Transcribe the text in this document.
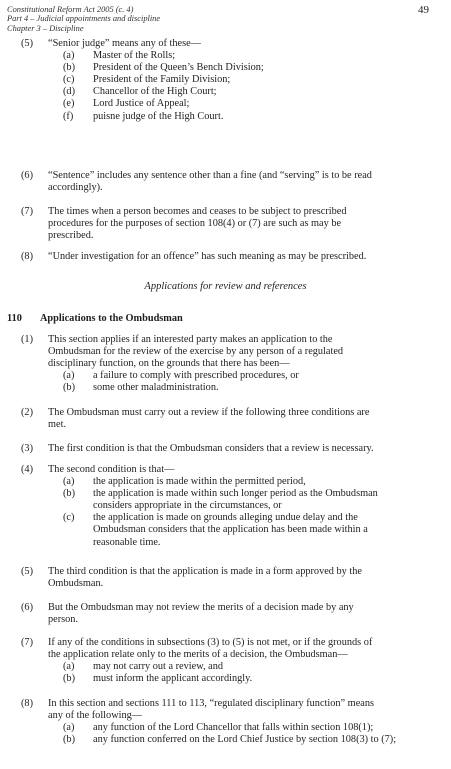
Constitutional Reform Act 2005 (c. 4)
Part 4 – Judicial appointments and discipline
Chapter 3 – Discipline
49
(5) “Senior judge” means any of these—
(a) Master of the Rolls;
(b) President of the Queen’s Bench Division;
(c) President of the Family Division;
(d) Chancellor of the High Court;
(e) Lord Justice of Appeal;
(f) puisne judge of the High Court.
(6) “Sentence” includes any sentence other than a fine (and “serving” is to be read
accordingly).
(7) The times when a person becomes and ceases to be subject to prescribed
procedures for the purposes of section 108(4) or (7) are such as may be
prescribed.
(8) “Under investigation for an offence” has such meaning as may be prescribed.
Applications for review and references
110 Applications to the Ombudsman
(1) This section applies if an interested party makes an application to the
Ombudsman for the review of the exercise by any person of a regulated
disciplinary function, on the grounds that there has been—
(a) a failure to comply with prescribed procedures, or
(b) some other maladministration.
(2) The Ombudsman must carry out a review if the following three conditions are
met.
(3) The first condition is that the Ombudsman considers that a review is necessary.
(4) The second condition is that—
(a) the application is made within the permitted period,
(b) the application is made within such longer period as the Ombudsman
considers appropriate in the circumstances, or
(c) the application is made on grounds alleging undue delay and the
Ombudsman considers that the application has been made within a
reasonable time.
(5) The third condition is that the application is made in a form approved by the
Ombudsman.
(6) But the Ombudsman may not review the merits of a decision made by any
person.
(7) If any of the conditions in subsections (3) to (5) is not met, or if the grounds of
the application relate only to the merits of a decision, the Ombudsman—
(a) may not carry out a review, and
(b) must inform the applicant accordingly.
(8) In this section and sections 111 to 113, “regulated disciplinary function” means
any of the following—
(a) any function of the Lord Chancellor that falls within section 108(1);
(b) any function conferred on the Lord Chief Justice by section 108(3) to (7);
